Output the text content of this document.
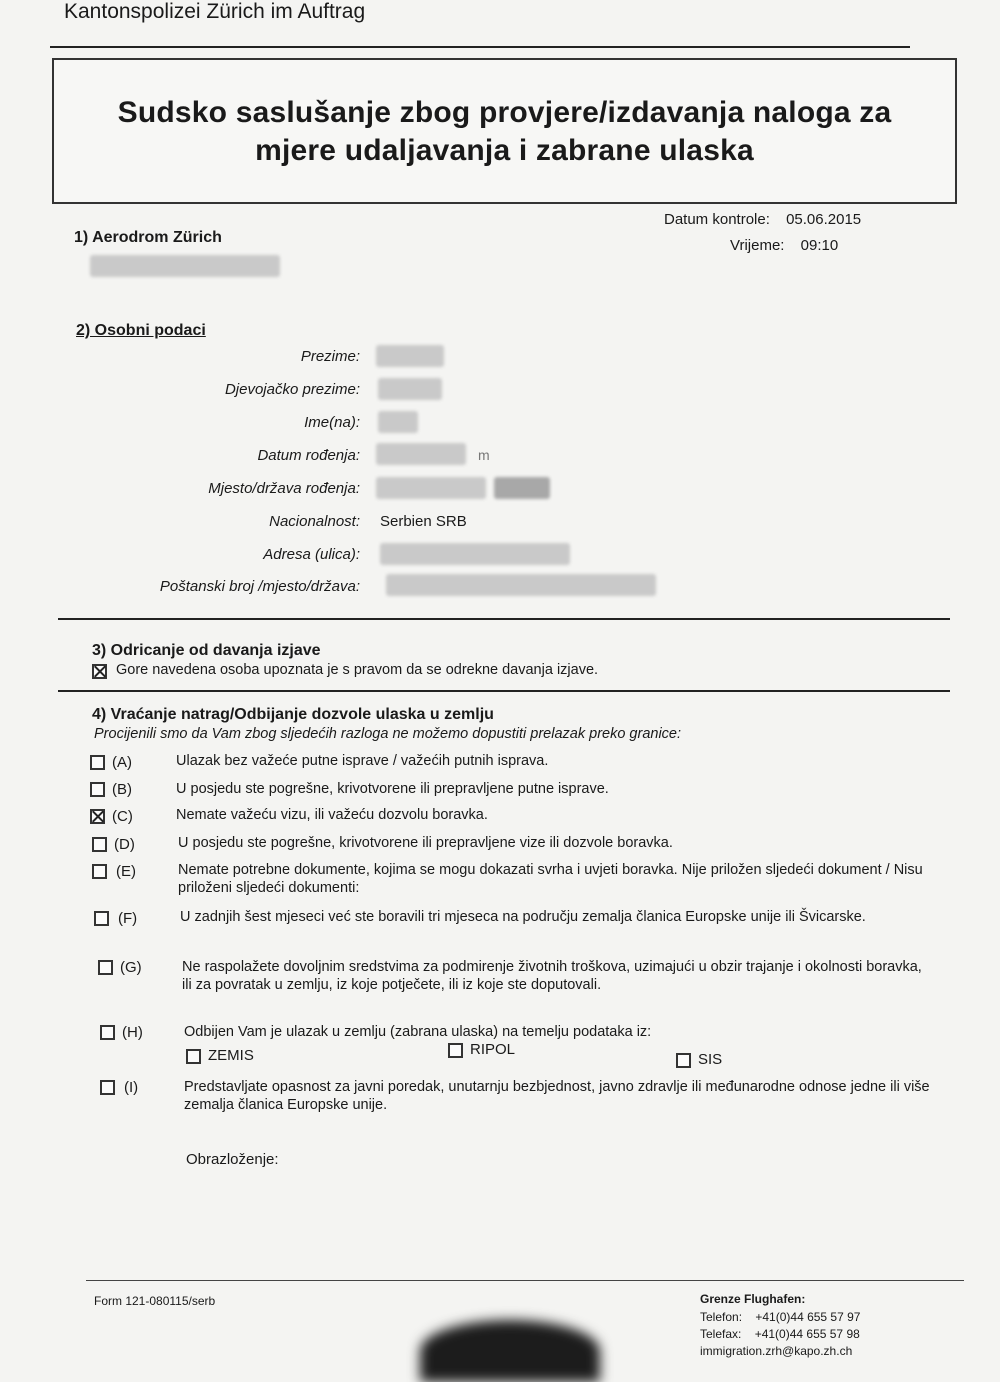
Kantonspolizei Zürich im Auftrag
Sudsko saslušanje zbog provjere/izdavanja naloga za
mjere udaljavanja i zabrane ulaska
Datum kontrole: 05.06.2015
Vrijeme: 09:10
1) Aerodrom Zürich
2) Osobni podaci
Prezime:
Djevojačko prezime:
Ime(na):
Datum rođenja:	m
Mjesto/država rođenja:
Nacionalnost: Serbien SRB
Adresa (ulica):
Poštanski broj /mjesto/država:
3) Odricanje od davanja izjave
Gore navedena osoba upoznata je s pravom da se odrekne davanja izjave.
4) Vraćanje natrag/Odbijanje dozvole ulaska u zemlju
Procijenili smo da Vam zbog sljedećih razloga ne možemo dopustiti prelazak preko granice:
(A)	Ulazak bez važeće putne isprave / važećih putnih isprava.
(B)	U posjedu ste pogrešne, krivotvorene ili prepravljene putne isprave.
(C)	Nemate važeću vizu, ili važeću dozvolu boravka.
(D)	U posjedu ste pogrešne, krivotvorene ili prepravljene vize ili dozvole boravka.
(E)	Nemate potrebne dokumente, kojima se mogu dokazati svrha i uvjeti boravka. Nije priložen sljedeći dokument / Nisu priloženi sljedeći dokumenti:
(F)	U zadnjih šest mjeseci već ste boravili tri mjeseca na području zemalja članica Europske unije ili Švicarske.
(G)	Ne raspolažete dovoljnim sredstvima za podmirenje životnih troškova, uzimajući u obzir trajanje i okolnosti boravka, ili za povratak u zemlju, iz koje potječete, ili iz koje ste doputovali.
(H)	Odbijen Vam je ulazak u zemlju (zabrana ulaska) na temelju podataka iz:
ZEMIS	RIPOL
SIS
(I)	Predstavljate opasnost za javni poredak, unutarnju bezbjednost, javno zdravlje ili međunarodne odnose jedne ili više zemalja članica Europske unije.
Obrazloženje:
Form 121-080115/serb	Grenze Flughafen:
Telefon: +41(0)44 655 57 97
Telefax: +41(0)44 655 57 98
immigration.zrh@kapo.zh.ch
